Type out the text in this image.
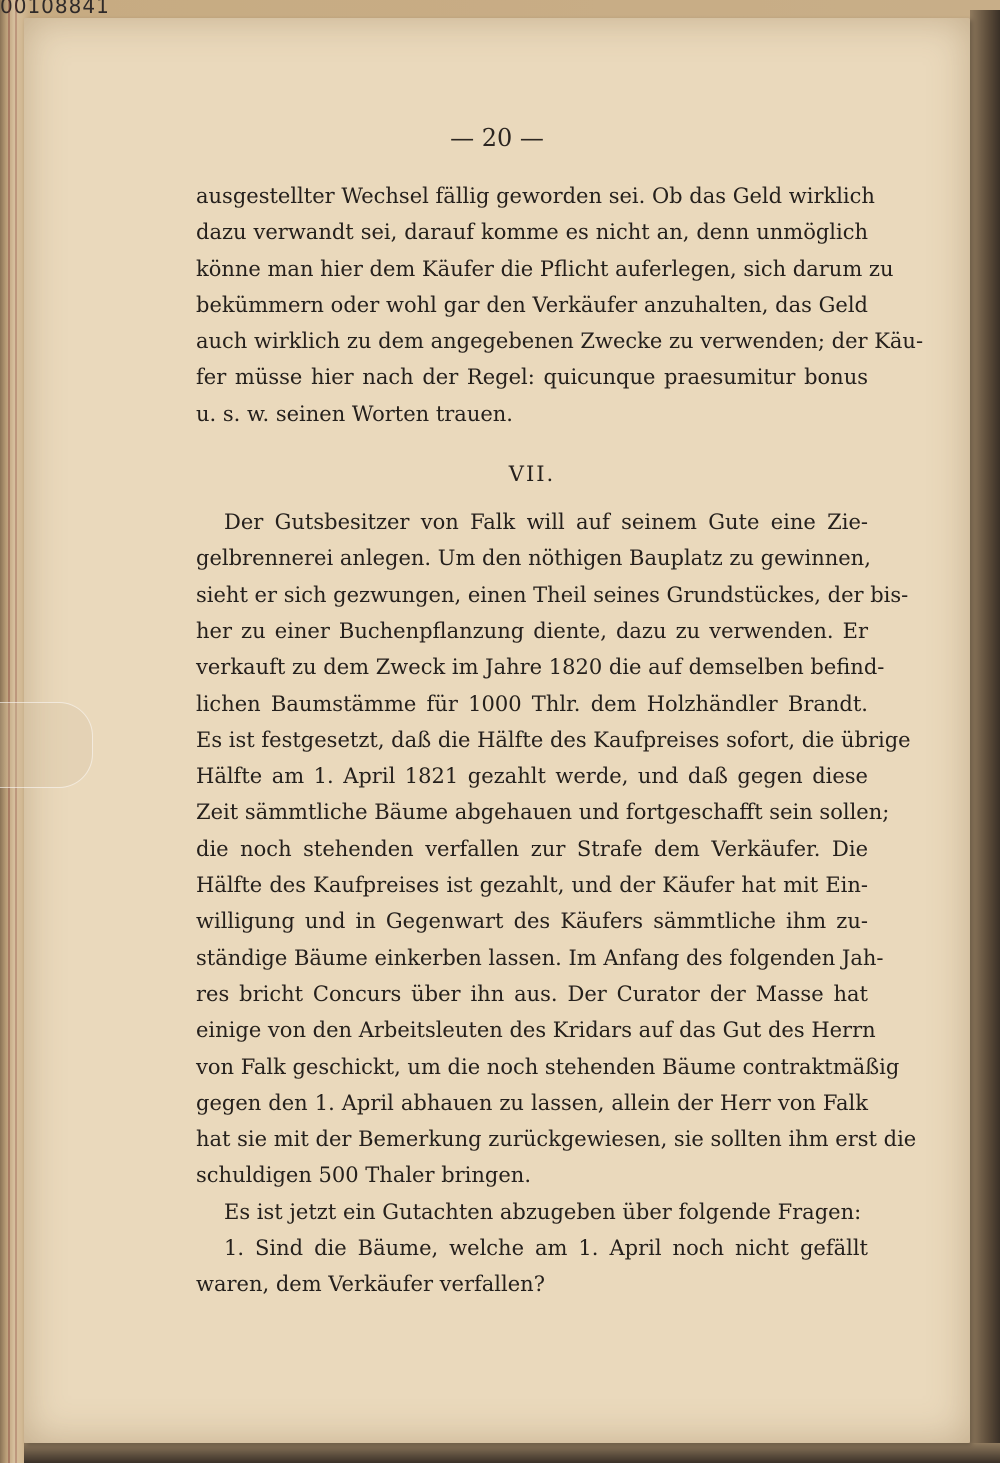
00108841
— 20 —
ausgestellter Wechsel fällig geworden sei. Ob das Geld wirklich
dazu verwandt sei, darauf komme es nicht an, denn unmöglich
könne man hier dem Käufer die Pflicht auferlegen, sich darum zu
bekümmern oder wohl gar den Verkäufer anzuhalten, das Geld
auch wirklich zu dem angegebenen Zwecke zu verwenden; der Käu-
fer müsse hier nach der Regel: quicunque praesumitur bonus
u. s. w. seinen Worten trauen.
VII.
Der Gutsbesitzer von Falk will auf seinem Gute eine Zie-
gelbrennerei anlegen. Um den nöthigen Bauplatz zu gewinnen,
sieht er sich gezwungen, einen Theil seines Grundstückes, der bis-
her zu einer Buchenpflanzung diente, dazu zu verwenden. Er
verkauft zu dem Zweck im Jahre 1820 die auf demselben befind-
lichen Baumstämme für 1000 Thlr. dem Holzhändler Brandt.
Es ist festgesetzt, daß die Hälfte des Kaufpreises sofort, die übrige
Hälfte am 1. April 1821 gezahlt werde, und daß gegen diese
Zeit sämmtliche Bäume abgehauen und fortgeschafft sein sollen;
die noch stehenden verfallen zur Strafe dem Verkäufer. Die
Hälfte des Kaufpreises ist gezahlt, und der Käufer hat mit Ein-
willigung und in Gegenwart des Käufers sämmtliche ihm zu-
ständige Bäume einkerben lassen. Im Anfang des folgenden Jah-
res bricht Concurs über ihn aus. Der Curator der Masse hat
einige von den Arbeitsleuten des Kridars auf das Gut des Herrn
von Falk geschickt, um die noch stehenden Bäume contraktmäßig
gegen den 1. April abhauen zu lassen, allein der Herr von Falk
hat sie mit der Bemerkung zurückgewiesen, sie sollten ihm erst die
schuldigen 500 Thaler bringen.
Es ist jetzt ein Gutachten abzugeben über folgende Fragen:
1. Sind die Bäume, welche am 1. April noch nicht gefällt
waren, dem Verkäufer verfallen?
